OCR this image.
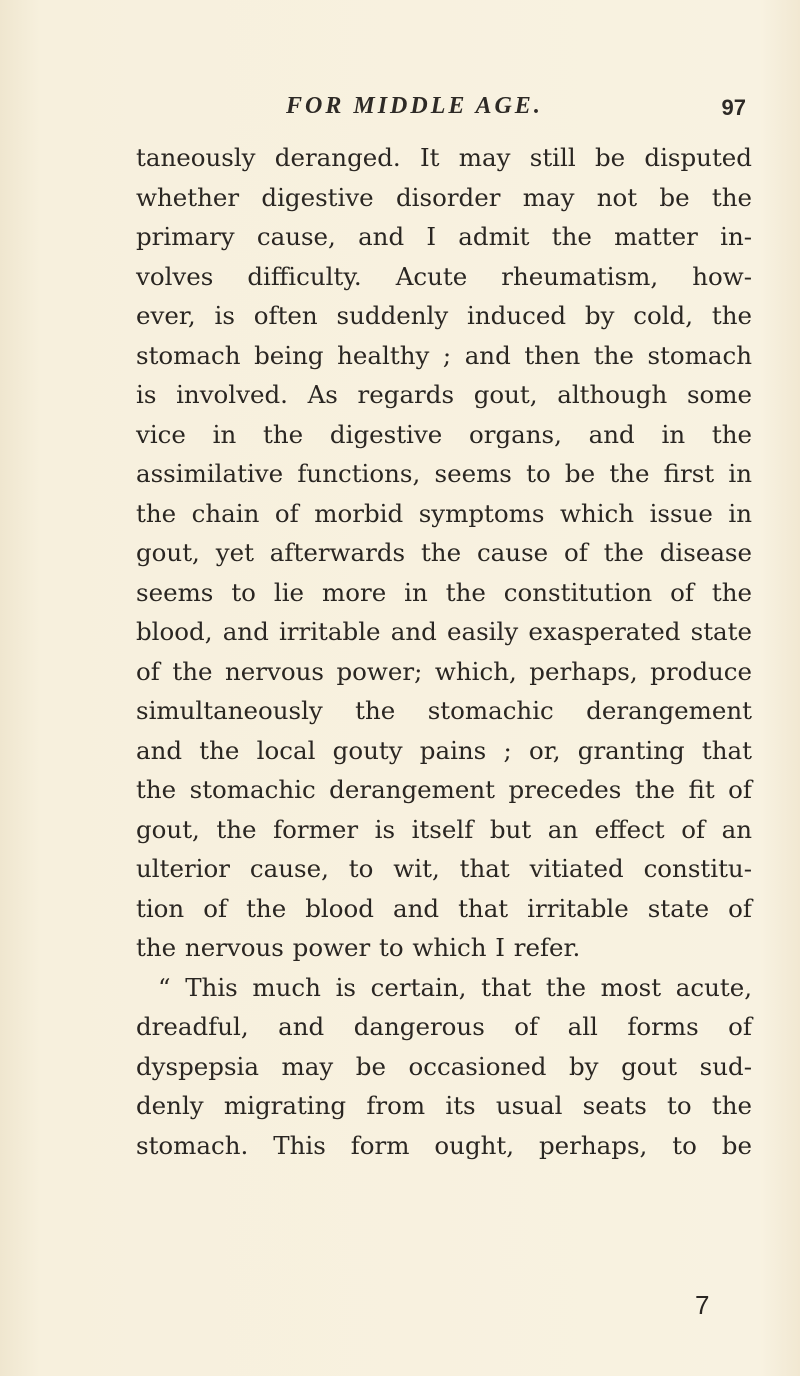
FOR MIDDLE AGE.	97
taneously deranged. It may still be disputed
whether digestive disorder may not be the
primary cause, and I admit the matter in-
volves difficulty. Acute rheumatism, how-
ever, is often suddenly induced by cold, the
stomach being healthy ; and then the stomach
is involved. As regards gout, although some
vice in the digestive organs, and in the
assimilative functions, seems to be the first in
the chain of morbid symptoms which issue in
gout, yet afterwards the cause of the disease
seems to lie more in the constitution of the
blood, and irritable and easily exasperated state
of the nervous power; which, perhaps, produce
simultaneously the stomachic derangement
and the local gouty pains ; or, granting that
the stomachic derangement precedes the fit of
gout, the former is itself but an effect of an
ulterior cause, to wit, that vitiated constitu-
tion of the blood and that irritable state of
the nervous power to which I refer.
“ This much is certain, that the most acute,
dreadful, and dangerous of all forms of
dyspepsia may be occasioned by gout sud-
denly migrating from its usual seats to the
stomach. This form ought, perhaps, to be
7
